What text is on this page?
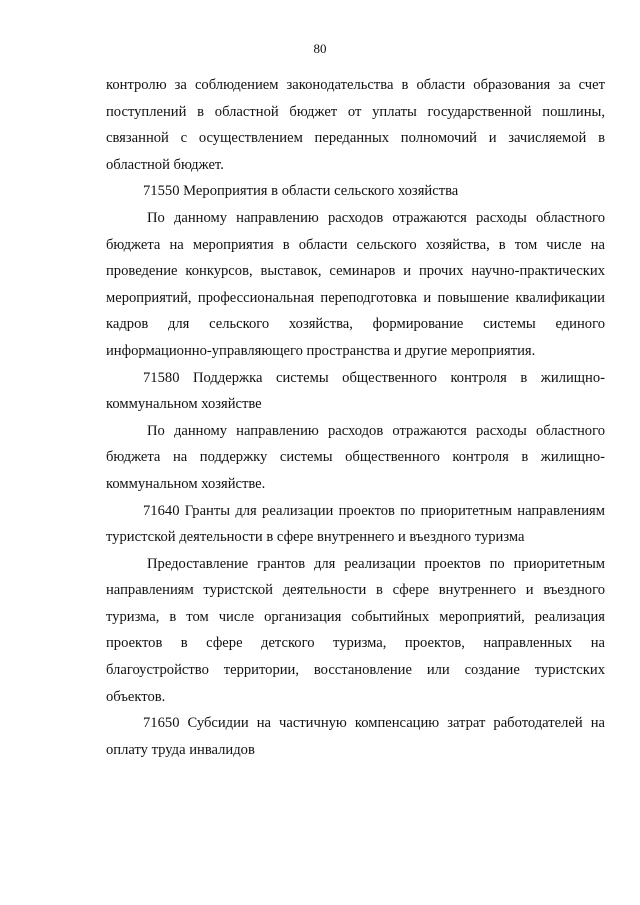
80

контролю за соблюдением законодательства в области образования за счет поступлений в областной бюджет от уплаты государственной пошлины, связанной с осуществлением переданных полномочий и зачисляемой в областной бюджет.

71550 Мероприятия в области сельского хозяйства

По данному направлению расходов отражаются расходы областного бюджета на мероприятия в области сельского хозяйства, в том числе на проведение конкурсов, выставок, семинаров и прочих научно-практических мероприятий, профессиональная переподготовка и повышение квалификации кадров для сельского хозяйства, формирование системы единого информационно-управляющего пространства и другие мероприятия.

71580 Поддержка системы общественного контроля в жилищно-коммунальном хозяйстве

По данному направлению расходов отражаются расходы областного бюджета на поддержку системы общественного контроля в жилищно-коммунальном хозяйстве.

71640 Гранты для реализации проектов по приоритетным направлениям туристской деятельности в сфере внутреннего и въездного туризма

Предоставление грантов для реализации проектов по приоритетным направлениям туристской деятельности в сфере внутреннего и въездного туризма, в том числе организация событийных мероприятий, реализация проектов в сфере детского туризма, проектов, направленных на благоустройство территории, восстановление или создание туристских объектов.

71650 Субсидии на частичную компенсацию затрат работодателей на оплату труда инвалидов
